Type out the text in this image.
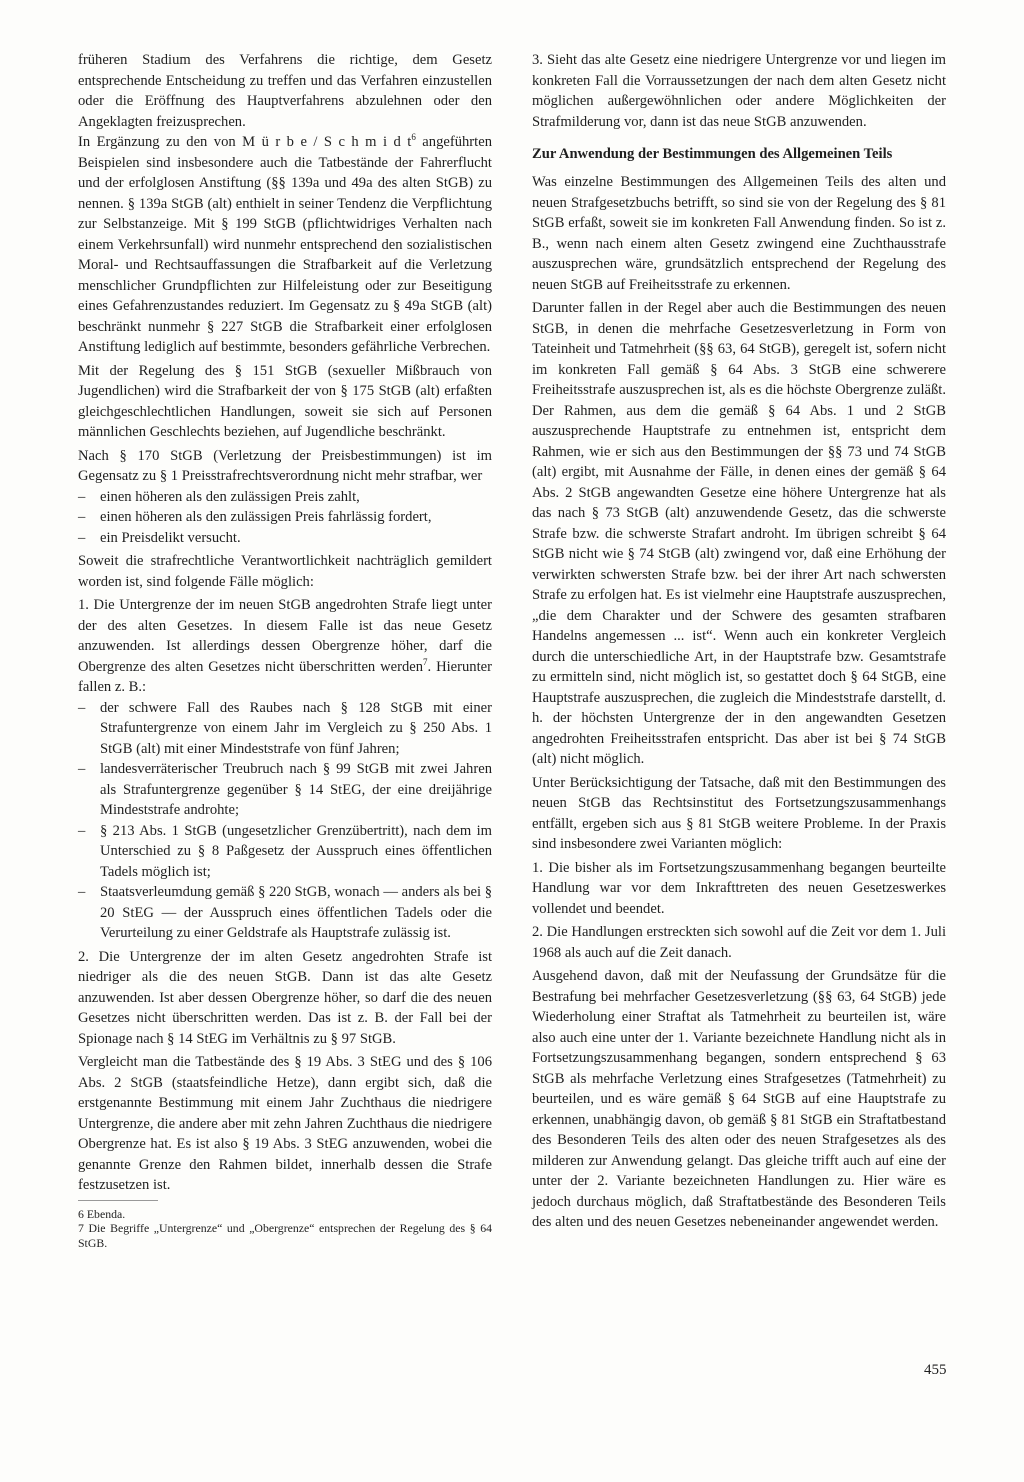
früheren Stadium des Verfahrens die richtige, dem Gesetz entsprechende Entscheidung zu treffen und das Verfahren einzustellen oder die Eröffnung des Hauptverfahrens abzulehnen oder den Angeklagten freizusprechen.

In Ergänzung zu den von M ü r b e / S c h m i d $t^6$ angeführten Beispielen sind insbesondere auch die Tatbestände der Fahrerflucht und der erfolglosen Anstiftung (§§ 139a und 49a des alten StGB) zu nennen. § 139a StGB (alt) enthielt in seiner Tendenz die Verpflichtung zur Selbstanzeige. Mit § 199 StGB (pflichtwidriges Verhalten nach einem Verkehrsunfall) wird nunmehr entsprechend den sozialistischen Moral- und Rechtsauffassungen die Strafbarkeit auf die Verletzung menschlicher Grundpflichten zur Hilfeleistung oder zur Beseitigung eines Gefahrenzustandes reduziert. Im Gegensatz zu § 49a StGB (alt) beschränkt nunmehr § 227 StGB die Strafbarkeit einer erfolglosen Anstiftung lediglich auf bestimmte, besonders gefährliche Verbrechen.

Mit der Regelung des § 151 StGB (sexueller Mißbrauch von Jugendlichen) wird die Strafbarkeit der von § 175 StGB (alt) erfaßten gleichgeschlechtlichen Handlungen, soweit sie sich auf Personen männlichen Geschlechts beziehen, auf Jugendliche beschränkt.

Nach § 170 StGB (Verletzung der Preisbestimmungen) ist im Gegensatz zu § 1 Preisstrafrechtsverordnung nicht mehr strafbar, wer

–	einen höheren als den zulässigen Preis zahlt,
–	einen höheren als den zulässigen Preis fahrlässig fordert,
–	ein Preisdelikt versucht.

Soweit die strafrechtliche Verantwortlichkeit nachträglich gemildert worden ist, sind folgende Fälle möglich:

1. Die Untergrenze der im neuen StGB angedrohten Strafe liegt unter der des alten Gesetzes. In diesem Falle ist das neue Gesetz anzuwenden. Ist allerdings dessen Obergrenze höher, darf die Obergrenze des alten Gesetzes nicht überschritten werden$^7$. Hierunter fallen z. B.:

–	der schwere Fall des Raubes nach § 128 StGB mit einer Strafuntergrenze von einem Jahr im Vergleich zu § 250 Abs. 1 StGB (alt) mit einer Mindeststrafe von fünf Jahren;
–	landesverräterischer Treubruch nach § 99 StGB mit zwei Jahren als Strafuntergrenze gegenüber § 14 StEG, der eine dreijährige Mindeststrafe androhte;
–	§ 213 Abs. 1 StGB (ungesetzlicher Grenzübertritt), nach dem im Unterschied zu § 8 Paßgesetz der Ausspruch eines öffentlichen Tadels möglich ist;
–	Staatsverleumdung gemäß § 220 StGB, wonach — anders als bei § 20 StEG — der Ausspruch eines öffentlichen Tadels oder die Verurteilung zu einer Geldstrafe als Hauptstrafe zulässig ist.

2. Die Untergrenze der im alten Gesetz angedrohten Strafe ist niedriger als die des neuen StGB. Dann ist das alte Gesetz anzuwenden. Ist aber dessen Obergrenze höher, so darf die des neuen Gesetzes nicht überschritten werden. Das ist z. B. der Fall bei der Spionage nach § 14 StEG im Verhältnis zu § 97 StGB.

Vergleicht man die Tatbestände des § 19 Abs. 3 StEG und des § 106 Abs. 2 StGB (staatsfeindliche Hetze), dann ergibt sich, daß die erstgenannte Bestimmung mit einem Jahr Zuchthaus die niedrigere Untergrenze, die andere aber mit zehn Jahren Zuchthaus die niedrigere Obergrenze hat. Es ist also § 19 Abs. 3 StEG anzuwenden, wobei die genannte Grenze den Rahmen bildet, innerhalb dessen die Strafe festzusetzen ist.

6 Ebenda.
7 Die Begriffe „Untergrenze“ und „Obergrenze“ entsprechen der Regelung des § 64 StGB.

3. Sieht das alte Gesetz eine niedrigere Untergrenze vor und liegen im konkreten Fall die Vorraussetzungen der nach dem alten Gesetz nicht möglichen außergewöhnlichen oder andere Möglichkeiten der Strafmilderung vor, dann ist das neue StGB anzuwenden.

Zur Anwendung der Bestimmungen des Allgemeinen Teils

Was einzelne Bestimmungen des Allgemeinen Teils des alten und neuen Strafgesetzbuchs betrifft, so sind sie von der Regelung des § 81 StGB erfaßt, soweit sie im konkreten Fall Anwendung finden. So ist z. B., wenn nach einem alten Gesetz zwingend eine Zuchthausstrafe auszusprechen wäre, grundsätzlich entsprechend der Regelung des neuen StGB auf Freiheitsstrafe zu erkennen.

Darunter fallen in der Regel aber auch die Bestimmungen des neuen StGB, in denen die mehrfache Gesetzesverletzung in Form von Tateinheit und Tatmehrheit (§§ 63, 64 StGB), geregelt ist, sofern nicht im konkreten Fall gemäß § 64 Abs. 3 StGB eine schwerere Freiheitsstrafe auszusprechen ist, als es die höchste Obergrenze zuläßt. Der Rahmen, aus dem die gemäß § 64 Abs. 1 und 2 StGB auszusprechende Hauptstrafe zu entnehmen ist, entspricht dem Rahmen, wie er sich aus den Bestimmungen der §§ 73 und 74 StGB (alt) ergibt, mit Ausnahme der Fälle, in denen eines der gemäß § 64 Abs. 2 StGB angewandten Gesetze eine höhere Untergrenze hat als das nach § 73 StGB (alt) anzuwendende Gesetz, das die schwerste Strafe bzw. die schwerste Strafart androht. Im übrigen schreibt § 64 StGB nicht wie § 74 StGB (alt) zwingend vor, daß eine Erhöhung der verwirkten schwersten Strafe bzw. bei der ihrer Art nach schwersten Strafe zu erfolgen hat. Es ist vielmehr eine Hauptstrafe auszusprechen, „die dem Charakter und der Schwere des gesamten strafbaren Handelns angemessen ... ist“. Wenn auch ein konkreter Vergleich durch die unterschiedliche Art, in der Hauptstrafe bzw. Gesamtstrafe zu ermitteln sind, nicht möglich ist, so gestattet doch § 64 StGB, eine Hauptstrafe auszusprechen, die zugleich die Mindeststrafe darstellt, d. h. der höchsten Untergrenze der in den angewandten Gesetzen angedrohten Freiheitsstrafen entspricht. Das aber ist bei § 74 StGB (alt) nicht möglich.

Unter Berücksichtigung der Tatsache, daß mit den Bestimmungen des neuen StGB das Rechtsinstitut des Fortsetzungszusammenhangs entfällt, ergeben sich aus § 81 StGB weitere Probleme. In der Praxis sind insbesondere zwei Varianten möglich:

1. Die bisher als im Fortsetzungszusammenhang begangen beurteilte Handlung war vor dem Inkrafttreten des neuen Gesetzeswerkes vollendet und beendet.

2. Die Handlungen erstreckten sich sowohl auf die Zeit vor dem 1. Juli 1968 als auch auf die Zeit danach.

Ausgehend davon, daß mit der Neufassung der Grundsätze für die Bestrafung bei mehrfacher Gesetzesverletzung (§§ 63, 64 StGB) jede Wiederholung einer Straftat als Tatmehrheit zu beurteilen ist, wäre also auch eine unter der 1. Variante bezeichnete Handlung nicht als in Fortsetzungszusammenhang begangen, sondern entsprechend § 63 StGB als mehrfache Verletzung eines Strafgesetzes (Tatmehrheit) zu beurteilen, und es wäre gemäß § 64 StGB auf eine Hauptstrafe zu erkennen, unabhängig davon, ob gemäß § 81 StGB ein Straftatbestand des Besonderen Teils des alten oder des neuen Strafgesetzes als des milderen zur Anwendung gelangt. Das gleiche trifft auch auf eine der unter der 2. Variante bezeichneten Handlungen zu. Hier wäre es jedoch durchaus möglich, daß Straftatbestände des Besonderen Teils des alten und des neuen Gesetzes nebeneinander angewendet werden.

455
